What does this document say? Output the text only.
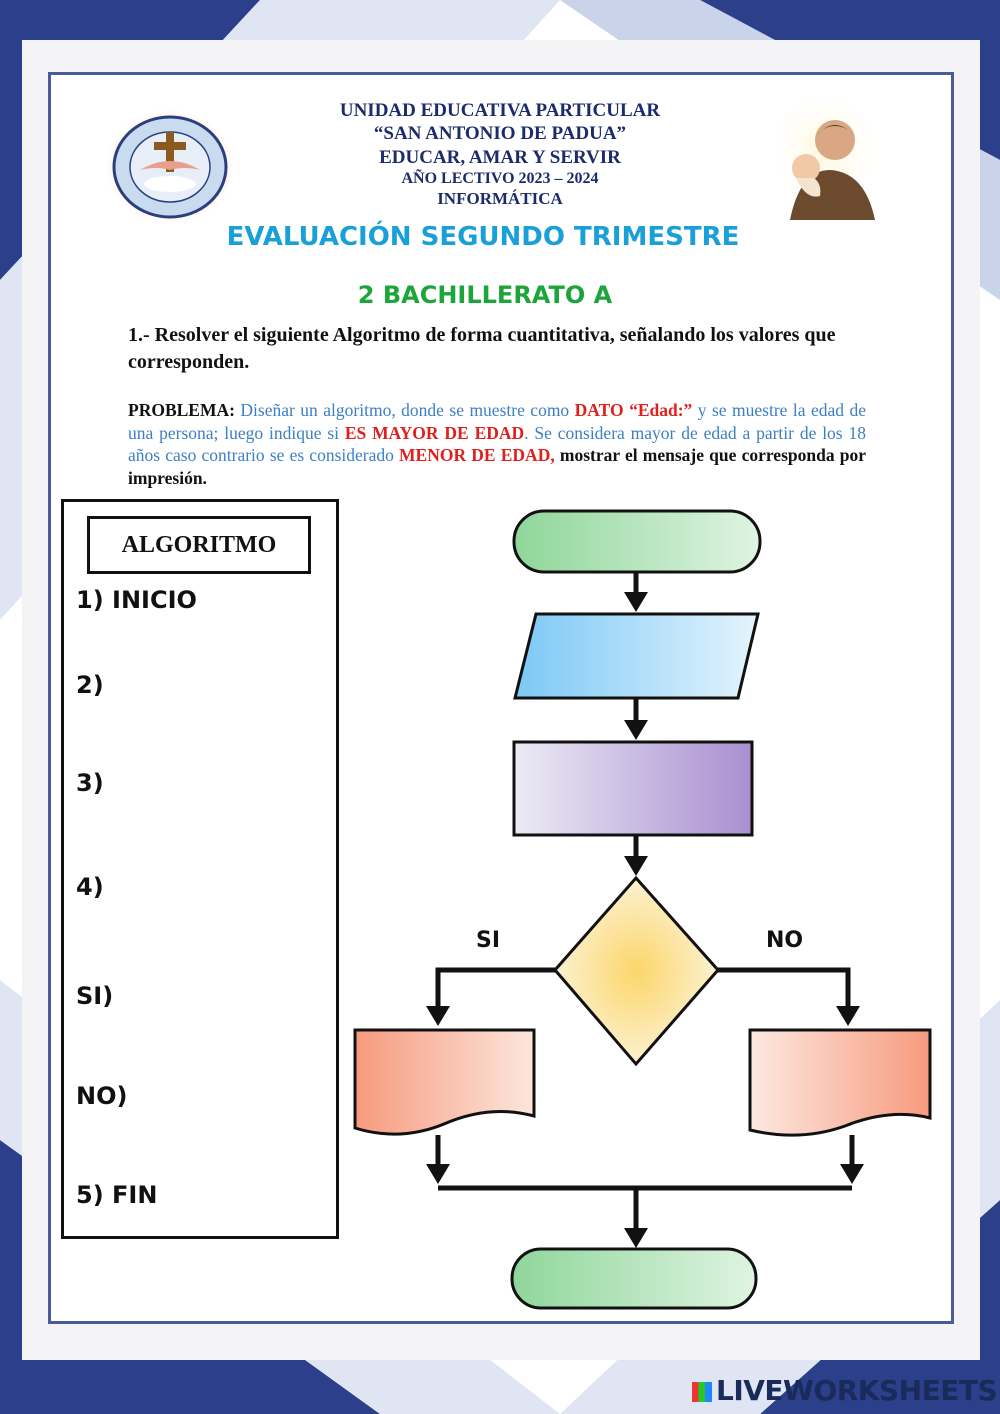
UNIDAD EDUCATIVA PARTICULAR
“SAN ANTONIO DE PADUA”
EDUCAR, AMAR Y SERVIR
AÑO LECTIVO 2023 – 2024
INFORMÁTICA
EVALUACIÓN SEGUNDO TRIMESTRE
2 BACHILLERATO A
1.- Resolver el siguiente Algoritmo de forma cuantitativa, señalando los valores que corresponden.
PROBLEMA: Diseñar un algoritmo, donde se muestre como DATO “Edad:” y se muestre la edad de una persona; luego indique si ES MAYOR DE EDAD. Se considera mayor de edad a partir de los 18 años caso contrario se es considerado MENOR DE EDAD, mostrar el mensaje que corresponda por impresión.
ALGORITMO
1) INICIO
2)
3)
4)
SI)
NO)
5) FIN
SI	NO
LIVEWORKSHEETS
